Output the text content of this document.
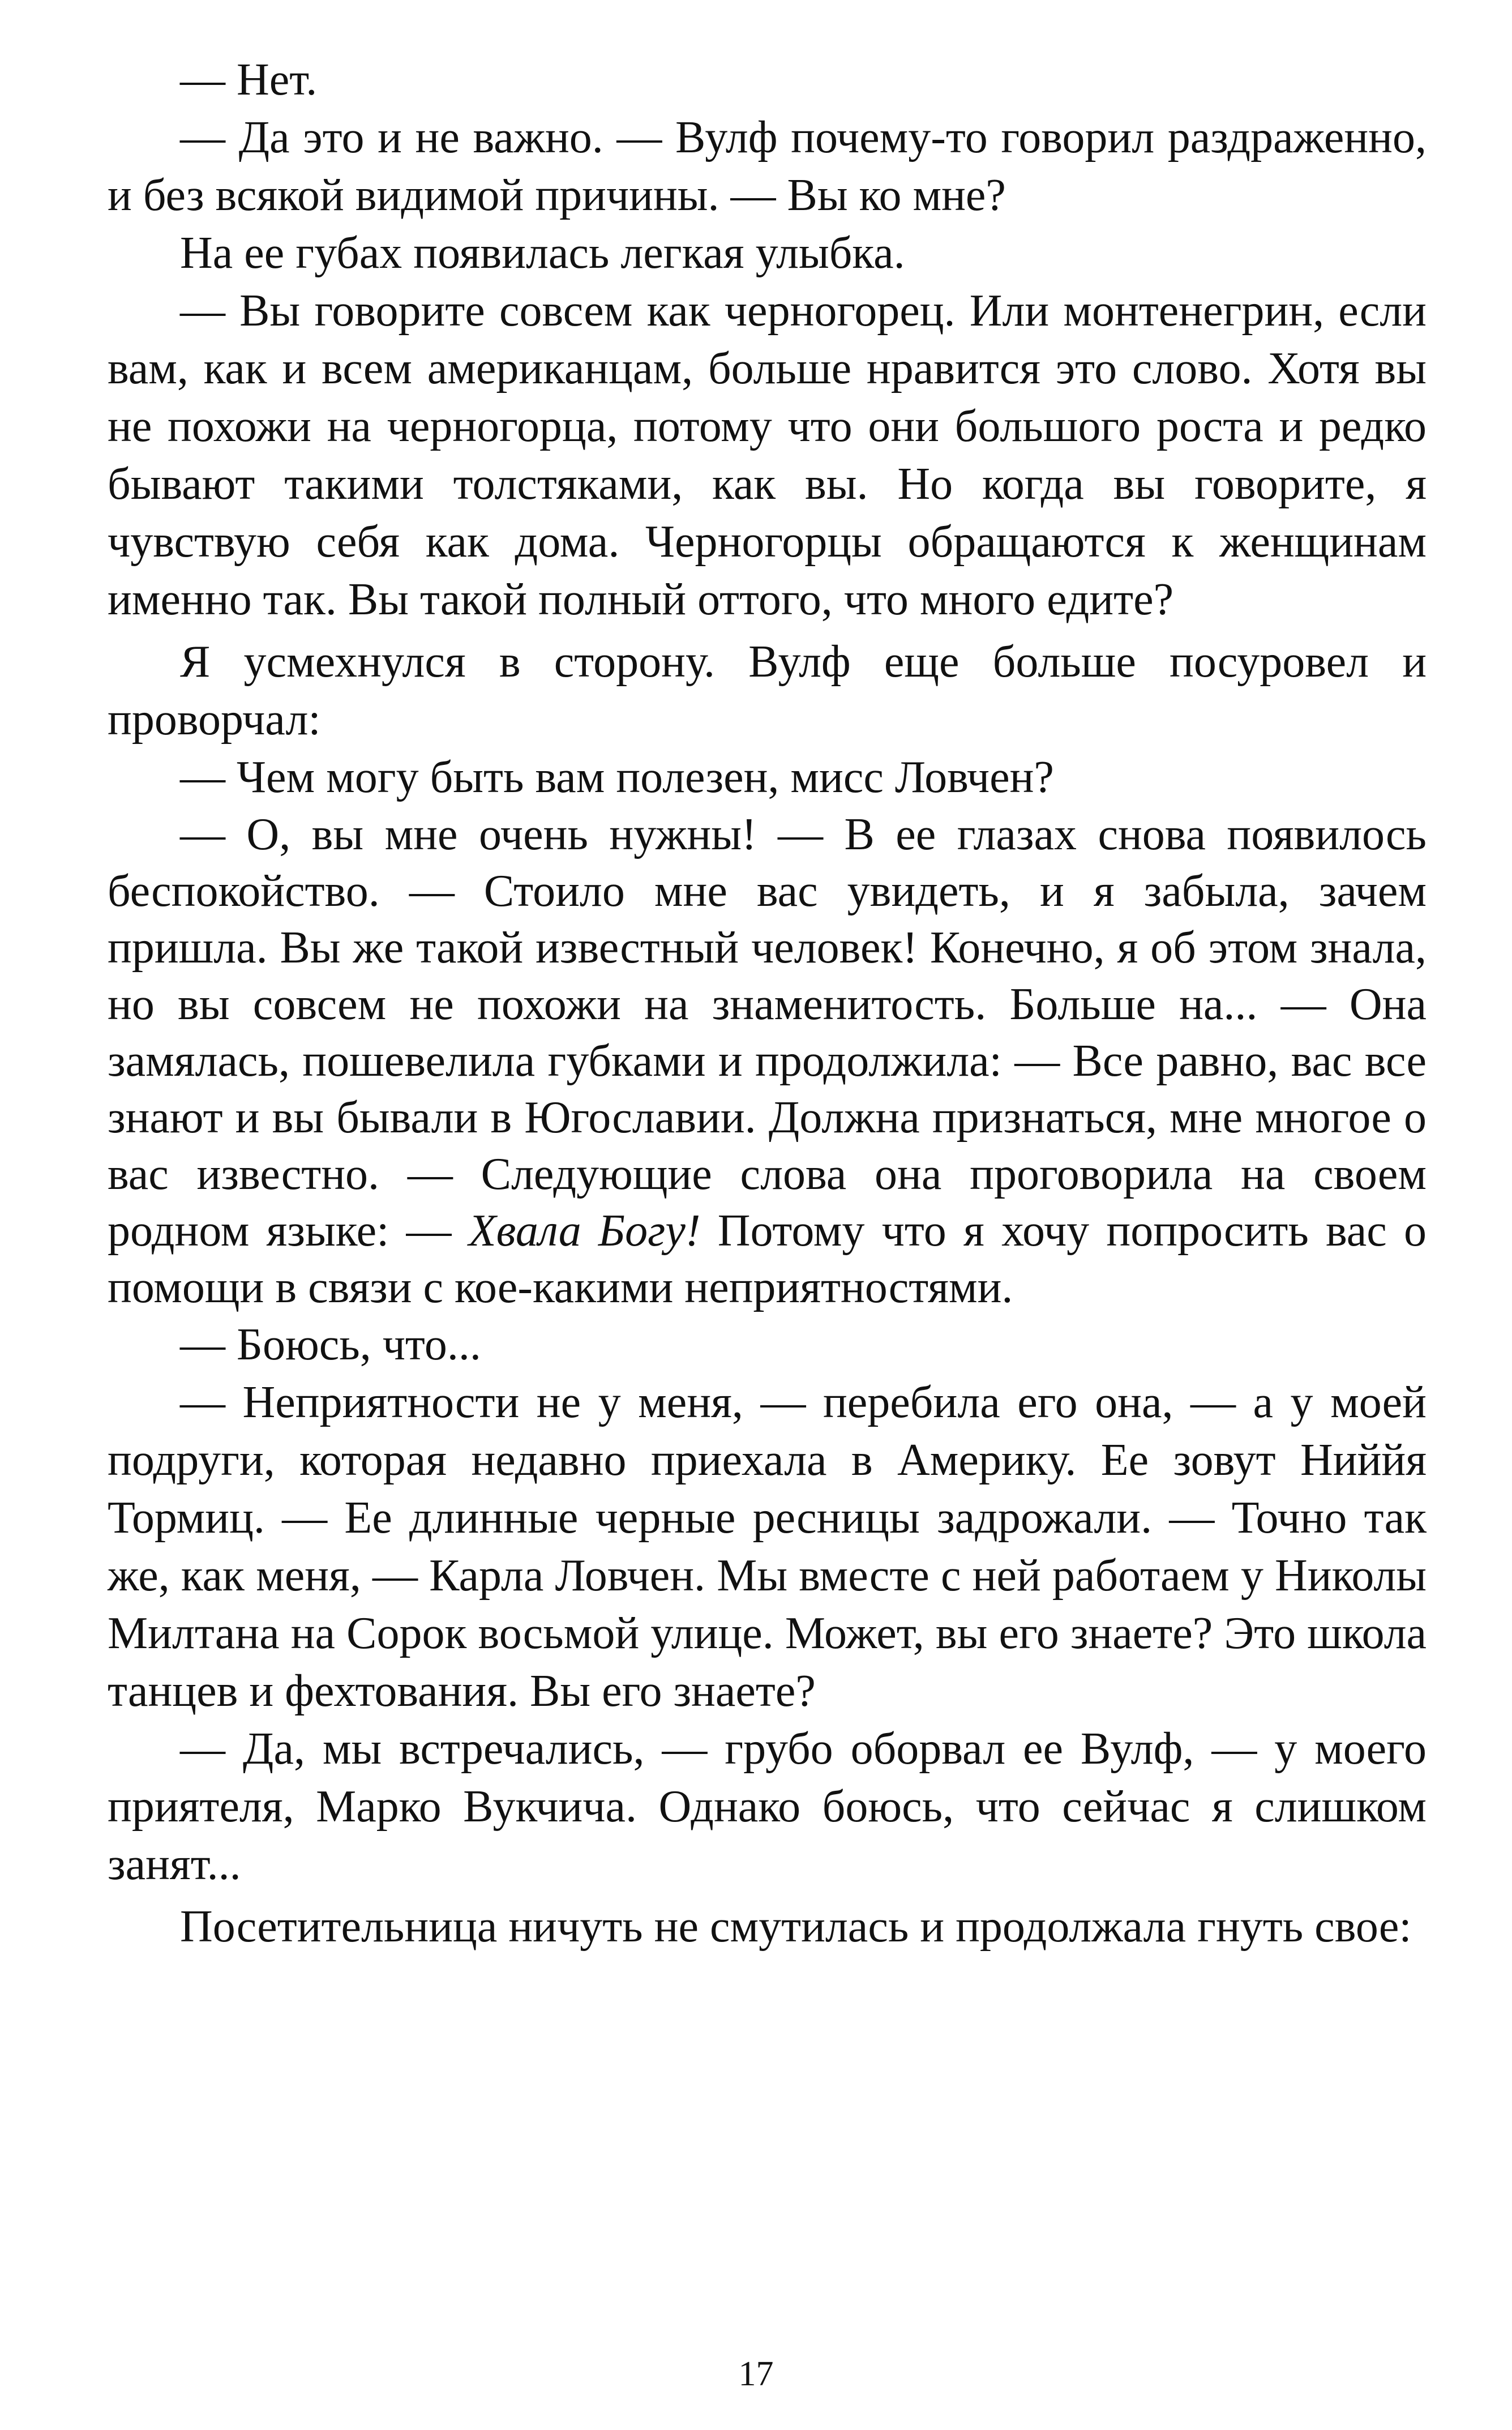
— Нет.

— Да это и не важно. — Вулф почему-то говорил раздраженно, и без всякой видимой причины. — Вы ко мне?

На ее губах появилась легкая улыбка.

— Вы говорите совсем как черногорец. Или монтенегрин, если вам, как и всем американцам, больше нравится это слово. Хотя вы не похожи на черногорца, потому что они большого роста и редко бывают такими толстяками, как вы. Но когда вы говорите, я чувствую себя как дома. Черногорцы обращаются к женщинам именно так. Вы такой полный оттого, что много едите?

Я усмехнулся в сторону. Вулф еще больше посуровел и проворчал:

— Чем могу быть вам полезен, мисс Ловчен?

— О, вы мне очень нужны! — В ее глазах снова появилось беспокойство. — Стоило мне вас увидеть, и я забыла, зачем пришла. Вы же такой известный человек! Конечно, я об этом знала, но вы совсем не похожи на знаменитость. Больше на... — Она замялась, пошевелила губками и продолжила: — Все равно, вас все знают и вы бывали в Югославии. Должна признаться, мне многое о вас известно. — Следующие слова она проговорила на своем родном языке: — Хвала Богу! Потому что я хочу попросить вас о помощи в связи с кое-какими неприятностями.

— Боюсь, что...

— Неприятности не у меня, — перебила его она, — а у моей подруги, которая недавно приехала в Америку. Ее зовут Ниййя Тормиц. — Ее длинные черные ресницы задрожали. — Точно так же, как меня, — Карла Ловчен. Мы вместе с ней работаем у Николы Милтана на Сорок восьмой улице. Может, вы его знаете? Это школа танцев и фехтования. Вы его знаете?

— Да, мы встречались, — грубо оборвал ее Вулф, — у моего приятеля, Марко Вукчича. Однако боюсь, что сейчас я слишком занят...

Посетительница ничуть не смутилась и продолжала гнуть свое:

17
